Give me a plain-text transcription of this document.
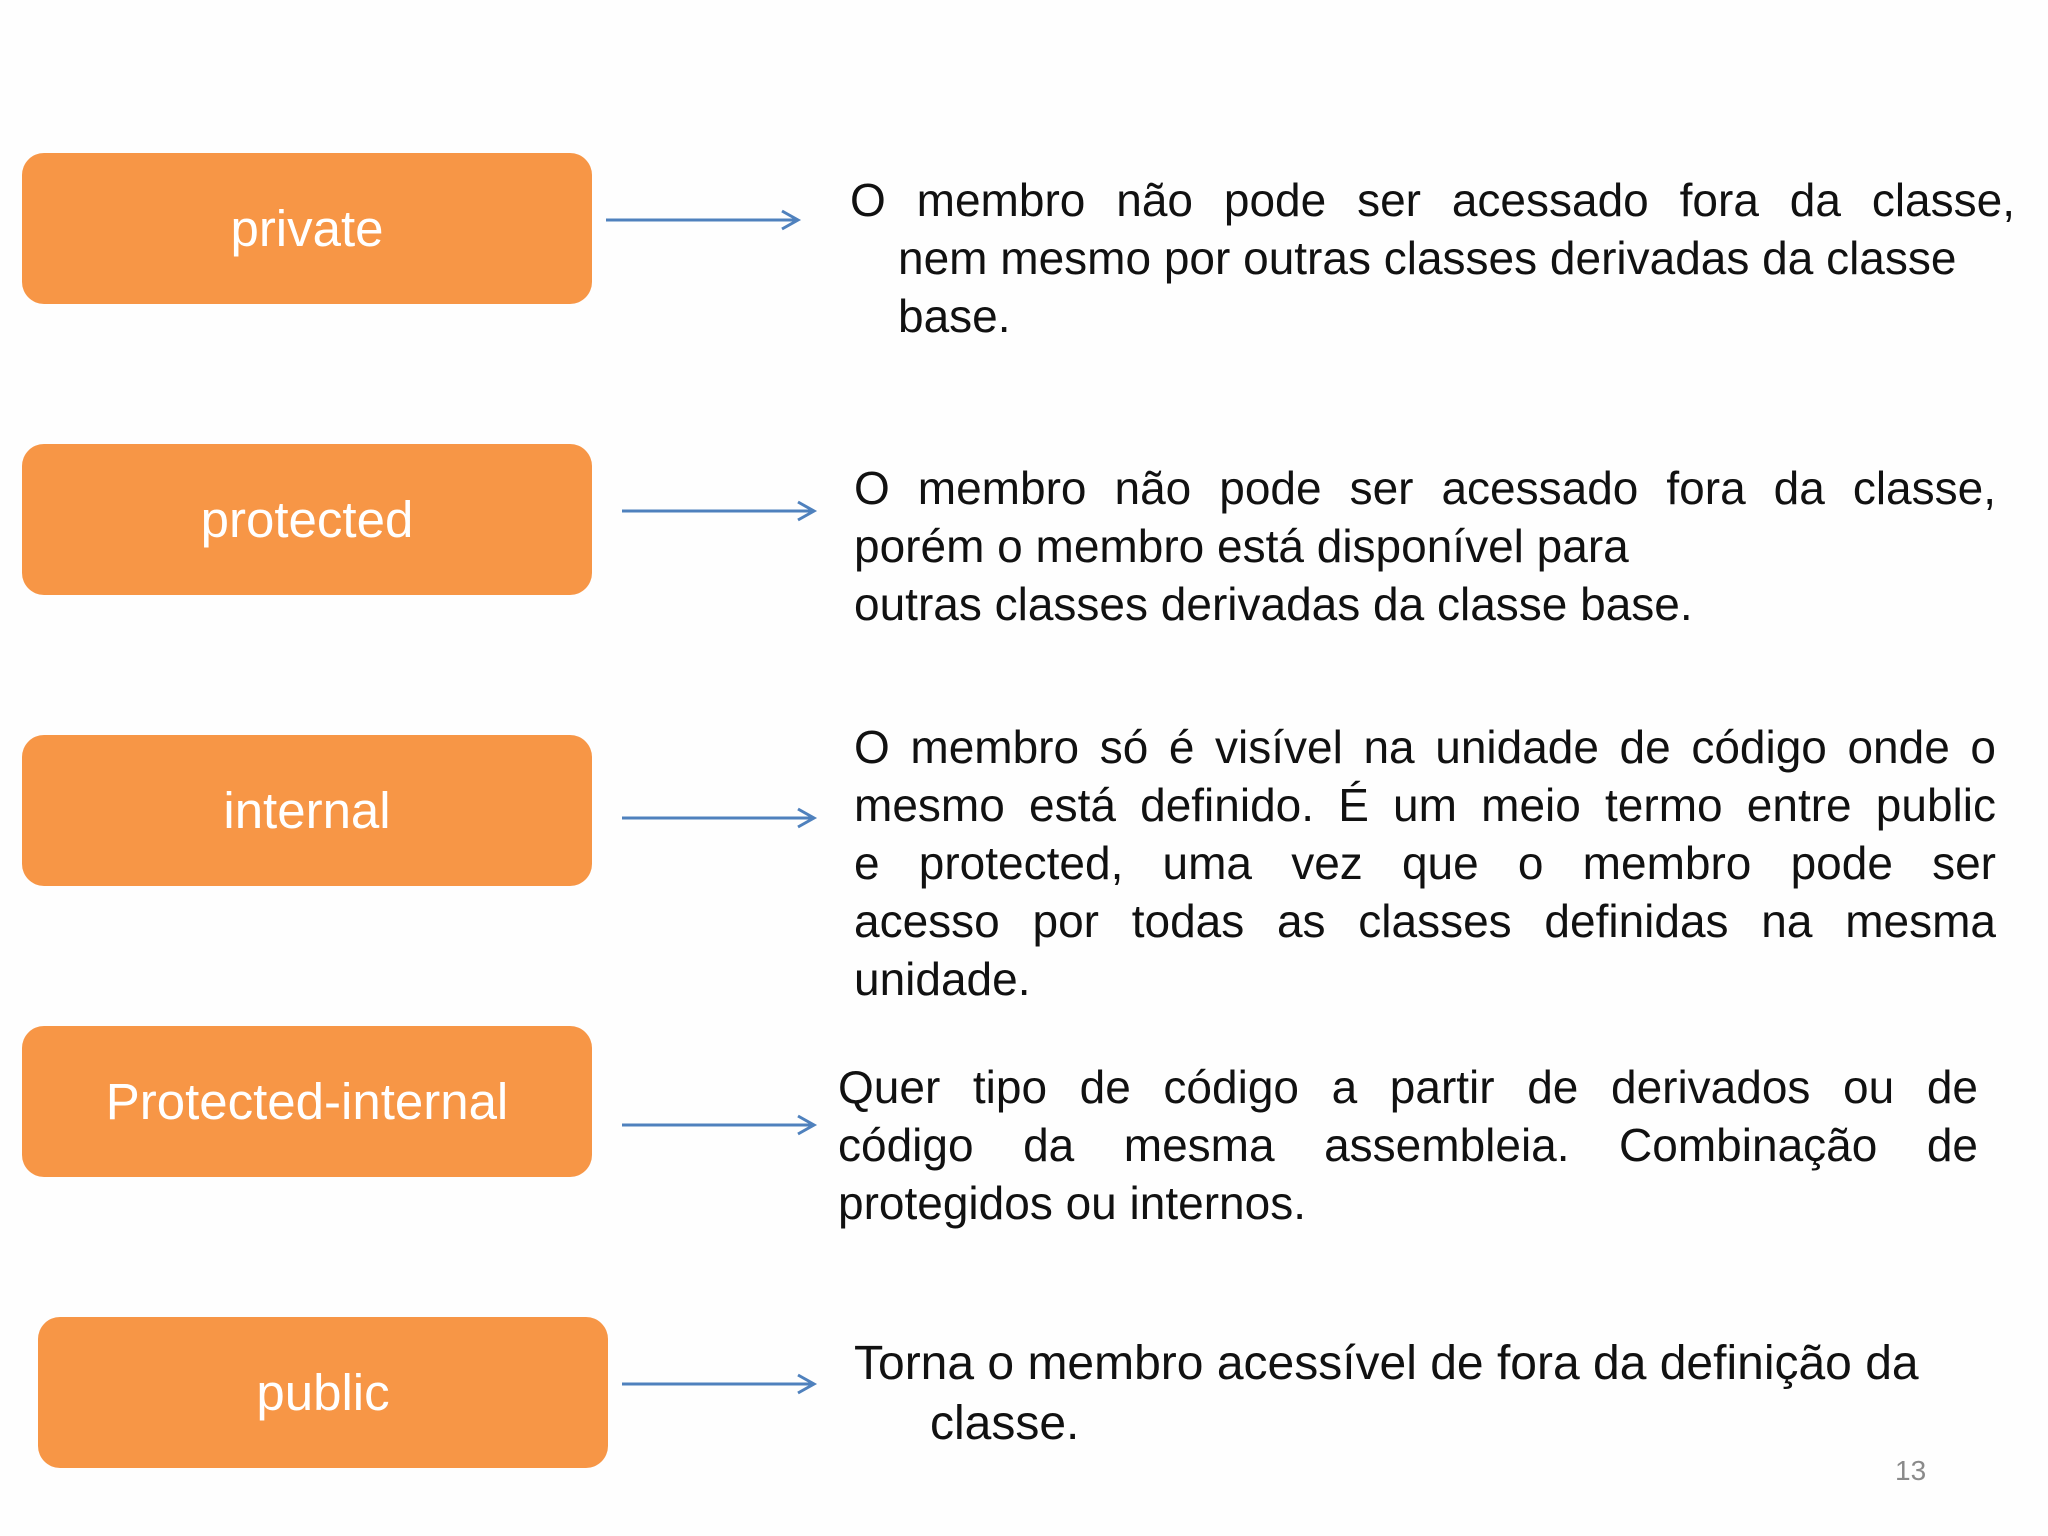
private	O membro não pode ser acessado fora da classe,
nem mesmo por outras classes derivadas da classe
base.
protected
O membro não pode ser acessado fora da classe,
porém o membro está disponível para
outras classes derivadas da classe base.
internal
O membro só é visível na unidade de código onde o
mesmo está definido. É um meio termo entre public
e protected, uma vez que o membro pode ser
acesso por todas as classes definidas na mesma
unidade.
Protected-internal	Quer tipo de código a partir de derivados ou de
código da mesma assembleia. Combinação de
protegidos ou internos.
public
Torna o membro acessível de fora da definição da
classe.
13
